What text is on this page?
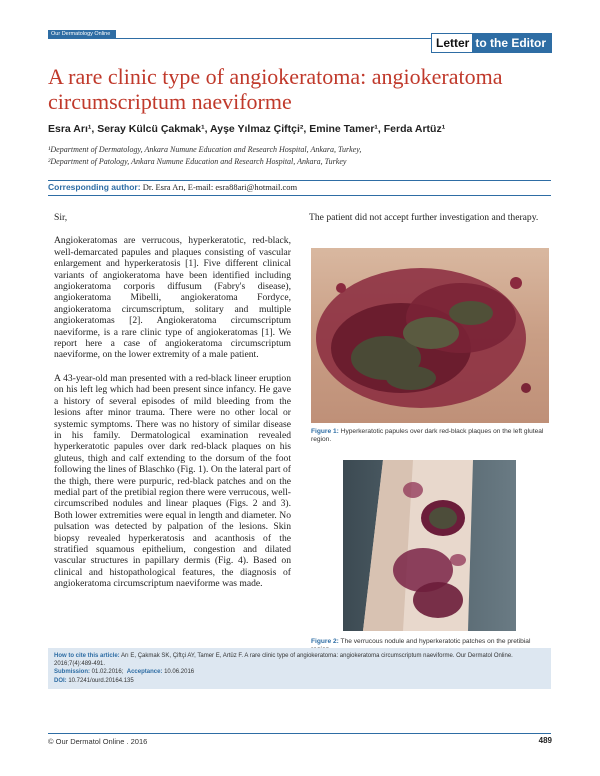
Our Dermatology Online
Letter to the Editor
A rare clinic type of angiokeratoma: angiokeratoma circumscriptum naeviforme
Esra Arı¹, Seray Külcü Çakmak¹, Ayşe Yılmaz Çiftçi², Emine Tamer¹, Ferda Artüz¹
¹Department of Dermatology, Ankara Numune Education and Research Hospital, Ankara, Turkey,
²Department of Patology, Ankara Numune Education and Research Hospital, Ankara, Turkey
Corresponding author: Dr. Esra Arı, E-mail: esra88ari@hotmail.com

Sir,

Angiokeratomas are verrucous, hyperkeratotic, red-black, well-demarcated papules and plaques consisting of vascular enlargement and hyperkeratosis [1]. Five different clinical variants of angiokeratoma have been identified including angiokeratoma corporis diffusum (Fabry's disease), angiokeratoma Mibelli, angiokeratoma Fordyce, angiokeratoma circumscriptum, solitary and multiple angiokeratomas [2]. Angiokeratoma circumscriptum naeviforme, is a rare clinic type of angiokeratomas [1]. We report here a case of angiokeratoma circumscriptum naeviforme, on the lower extremity of a male patient.

A 43-year-old man presented with a red-black lineer eruption on his left leg which had been present since infancy. He gave a history of several episodes of mild bleeding from the lesions after minor trauma. There were no other local or systemic symptoms. There was no history of similar disease in his family. Dermatological examination revealed hyperkeratotic papules over dark red-black plaques on his gluteus, thigh and calf extending to the dorsum of the foot following the lines of Blaschko (Fig. 1). On the lateral part of the thigh, there were purpuric, red-black patches and on the medial part of the pretibial region there were verrucous, well-circumscribed nodules and linear plaques (Figs. 2 and 3). Both lower extremities were equal in length and diameter. No pulsation was detected by palpation of the lesions. Skin biopsy revealed hyperkeratosis and acanthosis of the stratified squamous epithelium, congestion and dilated vascular structures in papillary dermis (Fig. 4). Based on clinical and histopathological features, the diagnosis of angiokeratoma circumscriptum naeviforme was made.

The patient did not accept further investigation and therapy.

Figure 1: Hyperkeratotic papules over dark red-black plaques on the left gluteal region.
Figure 2: The verrucous nodule and hyperkeratotic patches on the pretibial
How to cite this article: Arı E, Çakmak SK, Çiftçi AY, Tamer E, Artüz F. A rare clinic type of angiokeratoma: angiokeratoma circumscriptum naeviforme. Our Dermatol Online. 2016;7(4):489-491.
Submission: 01.02.2016; Acceptance: 10.06.2016
DOI: 10.7241/ourd.20164.135
© Our Dermatol Online . 2016	489
